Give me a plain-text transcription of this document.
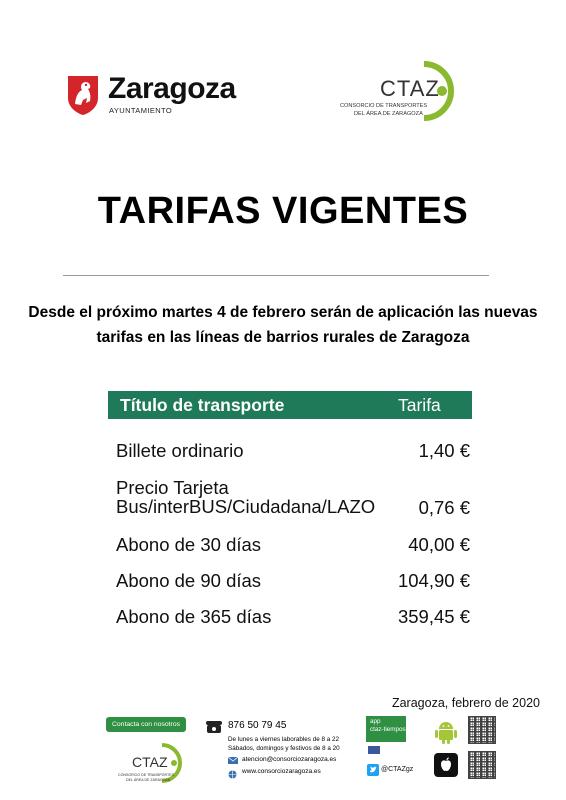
Zaragoza
AYUNTAMIENTO
CTAZ
CONSORCIO DE TRANSPORTES
DEL ÁREA DE ZARAGOZA
TARIFAS VIGENTES
Desde el próximo martes 4 de febrero serán de aplicación las nuevas tarifas en las líneas de barrios rurales de Zaragoza
Título de transporte	Tarifa
Billete ordinario	1,40 €
Precio Tarjeta
Bus/interBUS/Ciudadana/LAZO 0,76 €
Abono de 30 días	40,00 €
Abono de 90 días	104,90 €
Abono de 365 días	359,45 €
Zaragoza, febrero de 2020
Contacta con nosotros
CTAZ
CONSORCIO DE TRANSPORTES
DEL ÁREA DE ZARAGOZA
876 50 79 45
De lunes a viernes laborables de 8 a 22
Sábados, domingos y festivos de 8 a 20
atencion@consorciozaragoza.es
www.consorciozaragoza.es
app
ctaz-tiempos
@CTAZgz
